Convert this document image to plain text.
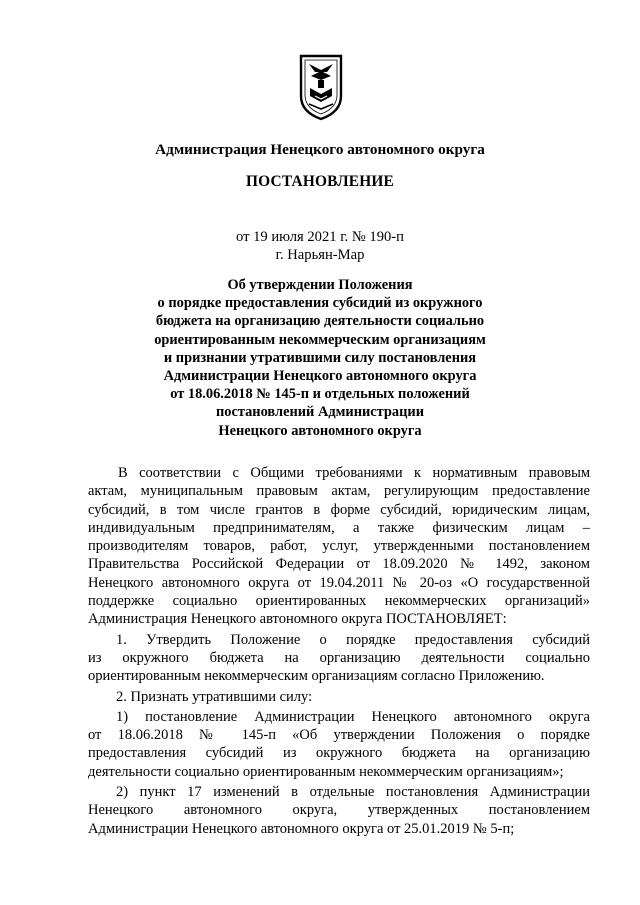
Администрация Ненецкого автономного округа
ПОСТАНОВЛЕНИЕ
от 19 июля 2021 г. № 190-п
г. Нарьян-Мар
Об утверждении Положения
о порядке предоставления субсидий из окружного
бюджета на организацию деятельности социально
ориентированным некоммерческим организациям
и признании утратившими силу постановления
Администрации Ненецкого автономного округа
от 18.06.2018 № 145-п и отдельных положений
постановлений Администрации
Ненецкого автономного округа
В соответствии с Общими требованиями к нормативным правовым
актам, муниципальным правовым актам, регулирующим предоставление
субсидий, в том числе грантов в форме субсидий, юридическим лицам,
индивидуальным предпринимателям, а также физическим лицам –
производителям товаров, работ, услуг, утвержденными постановлением
Правительства Российской Федерации от 18.09.2020 № 1492, законом
Ненецкого автономного округа от 19.04.2011 № 20-оз «О государственной
поддержке социально ориентированных некоммерческих организаций»
Администрация Ненецкого автономного округа ПОСТАНОВЛЯЕТ:
1. Утвердить Положение о порядке предоставления субсидий
из окружного бюджета на организацию деятельности социально
ориентированным некоммерческим организациям согласно Приложению.
2. Признать утратившими силу:
1) постановление Администрации Ненецкого автономного округа
от 18.06.2018 № 145-п «Об утверждении Положения о порядке
предоставления субсидий из окружного бюджета на организацию
деятельности социально ориентированным некоммерческим организациям»;
2) пункт 17 изменений в отдельные постановления Администрации
Ненецкого автономного округа, утвержденных постановлением
Администрации Ненецкого автономного округа от 25.01.2019 № 5-п;
